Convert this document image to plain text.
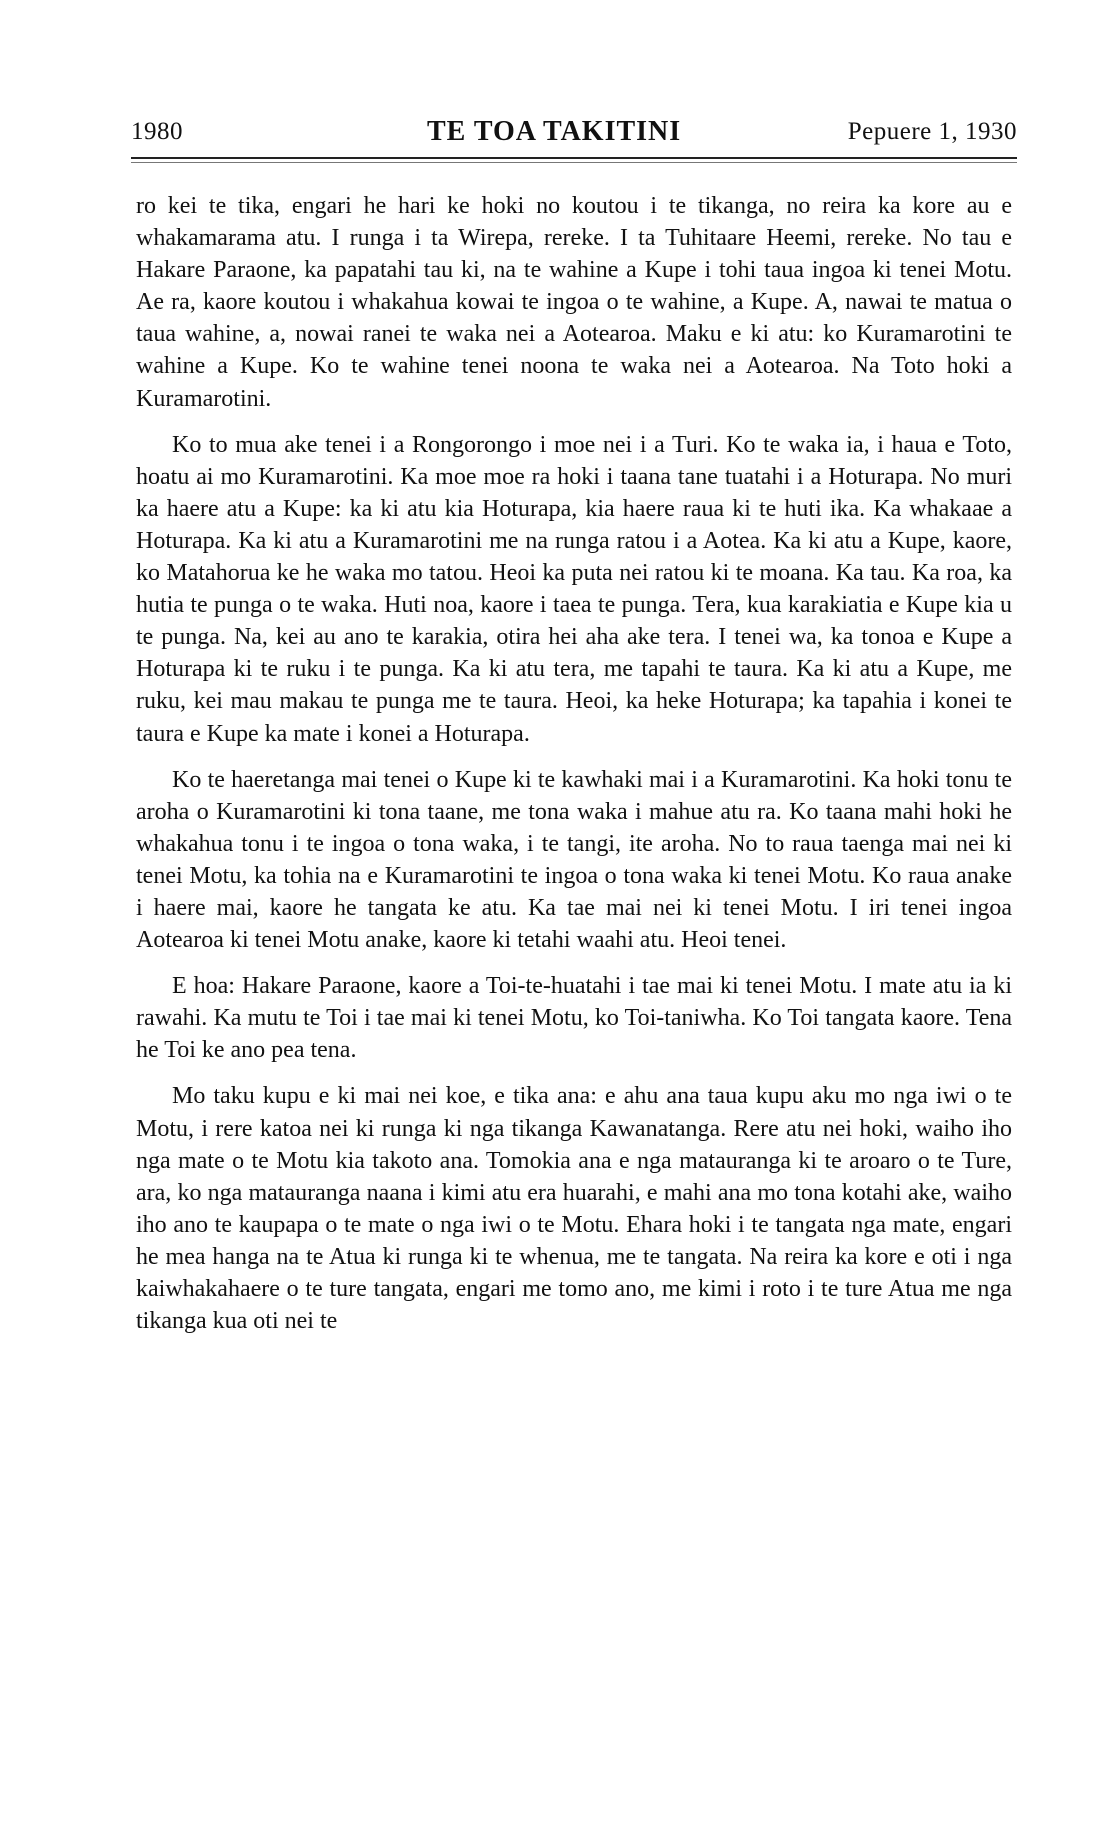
1980	TE TOA TAKITINI	Pepuere 1, 1930

ro kei te tika, engari he hari ke hoki no koutou i te tikanga, no reira ka kore au e whakamarama atu. I runga i ta Wirepa, rereke. I ta Tuhitaare Heemi, rereke. No tau e Hakare Paraone, ka papatahi tau ki, na te wahine a Kupe i tohi taua ingoa ki tenei Motu. Ae ra, kaore koutou i whakahua kowai te ingoa o te wahine, a Kupe. A, nawai te matua o taua wahine, a, nowai ranei te waka nei a Aotearoa. Maku e ki atu: ko Kuramarotini te wahine a Kupe. Ko te wahine tenei noona te waka nei a Aotearoa. Na Toto hoki a Kuramarotini.

Ko to mua ake tenei i a Rongorongo i moe nei i a Turi. Ko te waka ia, i haua e Toto, hoatu ai mo Kuramarotini. Ka moe moe ra hoki i taana tane tuatahi i a Hoturapa. No muri ka haere atu a Kupe: ka ki atu kia Hoturapa, kia haere raua ki te huti ika. Ka whakaae a Hoturapa. Ka ki atu a Kuramarotini me na runga ratou i a Aotea. Ka ki atu a Kupe, kaore, ko Matahorua ke he waka mo tatou. Heoi ka puta nei ratou ki te moana. Ka tau. Ka roa, ka hutia te punga o te waka. Huti noa, kaore i taea te punga. Tera, kua karakiatia e Kupe kia u te punga. Na, kei au ano te karakia, otira hei aha ake tera. I tenei wa, ka tonoa e Kupe a Hoturapa ki te ruku i te punga. Ka ki atu tera, me tapahi te taura. Ka ki atu a Kupe, me ruku, kei mau makau te punga me te taura. Heoi, ka heke Hoturapa; ka tapahia i konei te taura e Kupe ka mate i konei a Hoturapa.

Ko te haeretanga mai tenei o Kupe ki te kawhaki mai i a Kuramarotini. Ka hoki tonu te aroha o Kuramarotini ki tona taane, me tona waka i mahue atu ra. Ko taana mahi hoki he whakahua tonu i te ingoa o tona waka, i te tangi, ite aroha. No to raua taenga mai nei ki tenei Motu, ka tohia na e Kuramarotini te ingoa o tona waka ki tenei Motu. Ko raua anake i haere mai, kaore he tangata ke atu. Ka tae mai nei ki tenei Motu. I iri tenei ingoa Aotearoa ki tenei Motu anake, kaore ki tetahi waahi atu. Heoi tenei.

E hoa: Hakare Paraone, kaore a Toi-te-huatahi i tae mai ki tenei Motu. I mate atu ia ki rawahi. Ka mutu te Toi i tae mai ki tenei Motu, ko Toi-taniwha. Ko Toi tangata kaore. Tena he Toi ke ano pea tena.

Mo taku kupu e ki mai nei koe, e tika ana: e ahu ana taua kupu aku mo nga iwi o te Motu, i rere katoa nei ki runga ki nga tikanga Kawanatanga. Rere atu nei hoki, waiho iho nga mate o te Motu kia takoto ana. Tomokia ana e nga matauranga ki te aroaro o te Ture, ara, ko nga matauranga naana i kimi atu era huarahi, e mahi ana mo tona kotahi ake, waiho iho ano te kaupapa o te mate o nga iwi o te Motu. Ehara hoki i te tangata nga mate, engari he mea hanga na te Atua ki runga ki te whenua, me te tangata. Na reira ka kore e oti i nga kaiwhakahaere o te ture tangata, engari me tomo ano, me kimi i roto i te ture Atua me nga tikanga kua oti nei te
